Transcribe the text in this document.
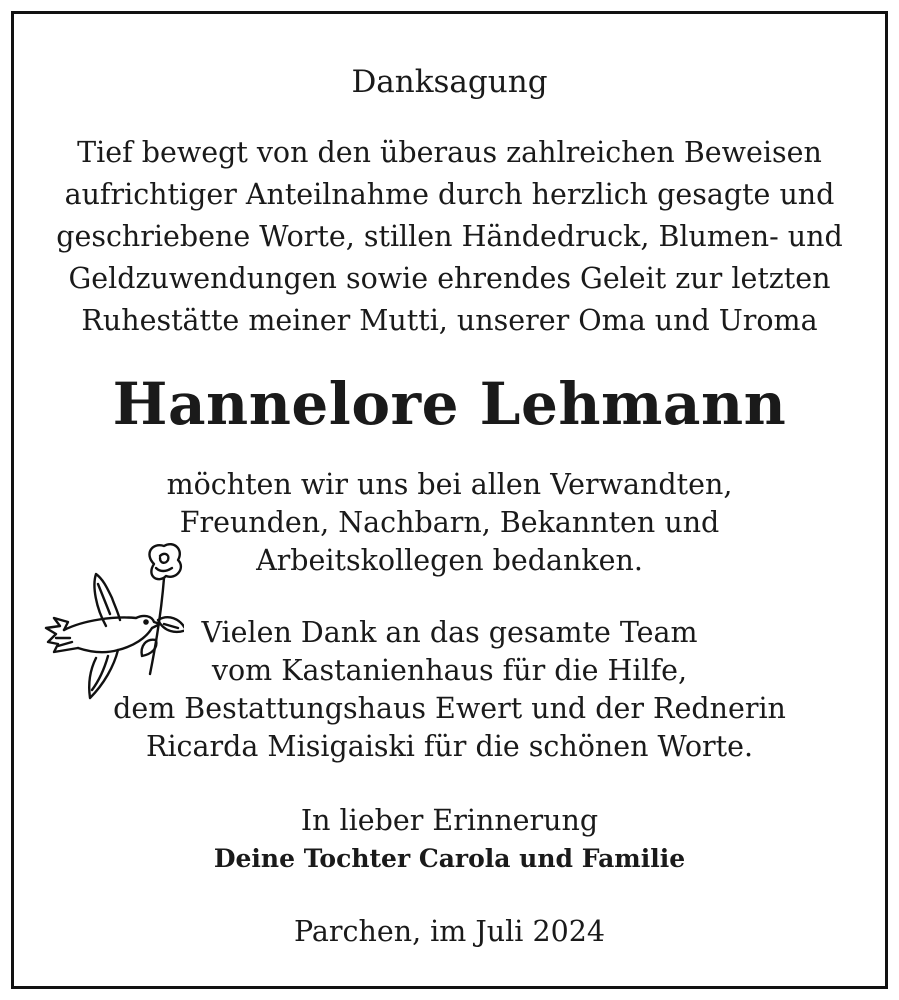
Danksagung
Tief bewegt von den überaus zahlreichen Beweisen
aufrichtiger Anteilnahme durch herzlich gesagte und
geschriebene Worte, stillen Händedruck, Blumen- und
Geldzuwendungen sowie ehrendes Geleit zur letzten
Ruhestätte meiner Mutti, unserer Oma und Uroma
Hannelore Lehmann
möchten wir uns bei allen Verwandten,
Freunden, Nachbarn, Bekannten und
Arbeitskollegen bedanken.
Vielen Dank an das gesamte Team
vom Kastanienhaus für die Hilfe,
dem Bestattungshaus Ewert und der Rednerin
Ricarda Misigaiski für die schönen Worte.
In lieber Erinnerung
Deine Tochter Carola und Familie
Parchen, im Juli 2024
